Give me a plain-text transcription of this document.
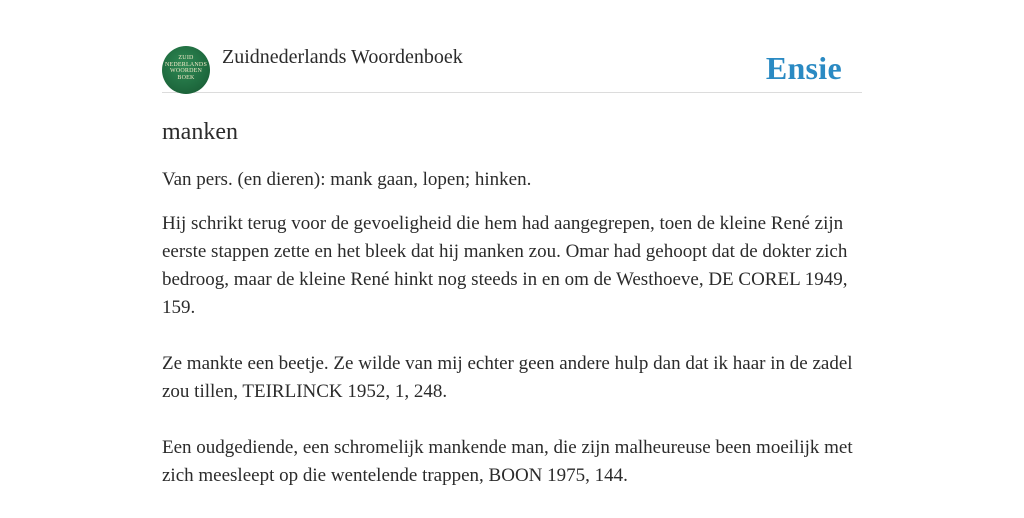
ZUID
NEDERLANDS
WOORDEN
BOEK
Zuidnederlands Woordenboek	Ensie
manken
Van pers. (en dieren): mank gaan, lopen; hinken.

Hij schrikt terug voor de gevoeligheid die hem had aangegrepen, toen de kleine René zijn eerste stappen zette en het bleek dat hij manken zou. Omar had gehoopt dat de dokter zich bedroog, maar de kleine René hinkt nog steeds in en om de Westhoeve, DE COREL 1949, 159.

Ze mankte een beetje. Ze wilde van mij echter geen andere hulp dan dat ik haar in de zadel zou tillen, TEIRLINCK 1952, 1, 248.

Een oudgediende, een schromelijk mankende man, die zijn malheureuse been moeilijk met zich meesleept op die wentelende trappen, BOON 1975, 144.
